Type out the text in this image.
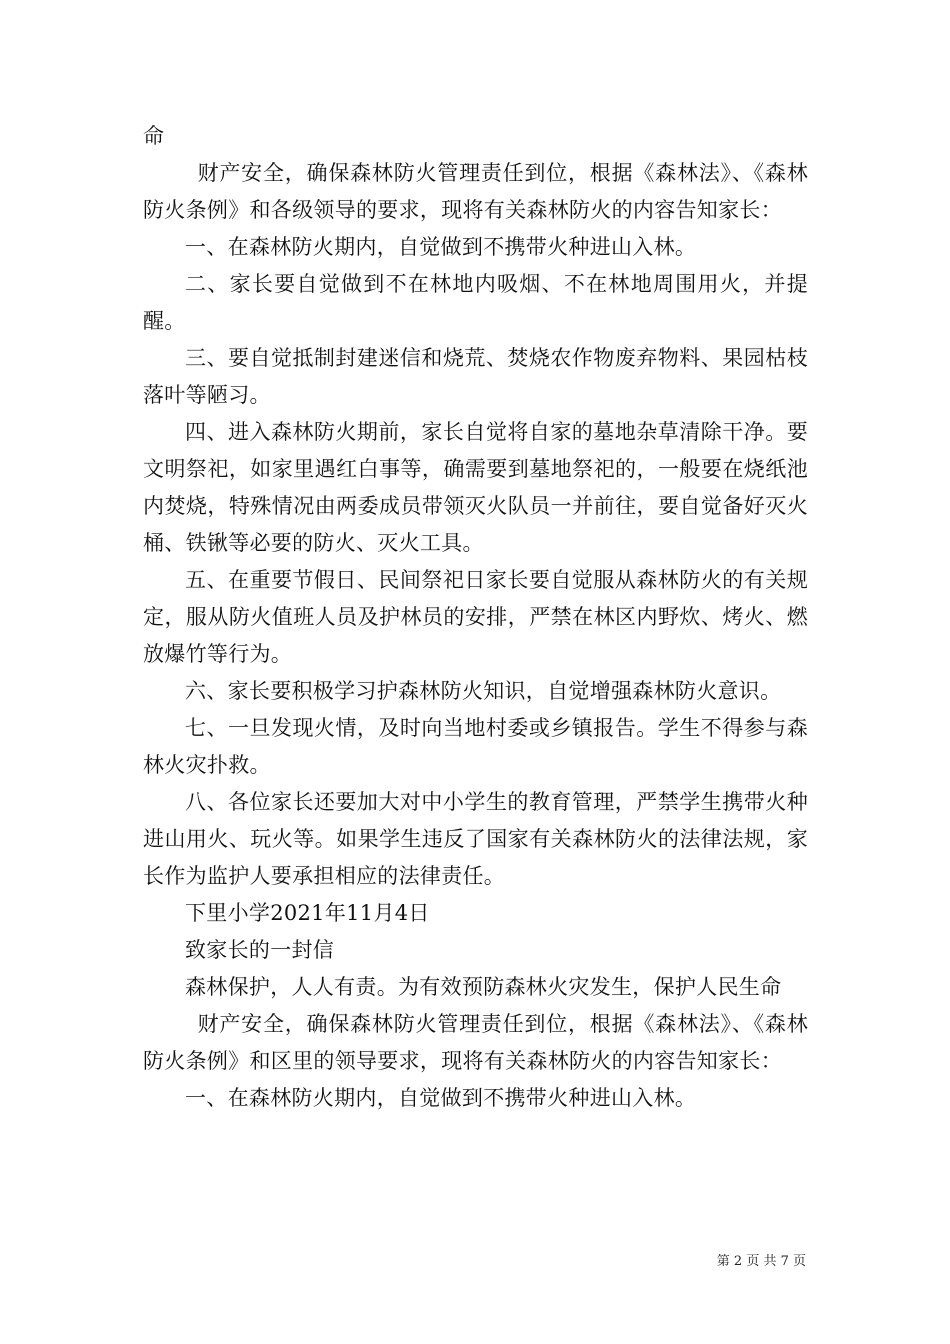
命

财产安全，确保森林防火管理责任到位，根据《森林法》、《森林防火条例》和各级领导的要求，现将有关森林防火的内容告知家长：

一、在森林防火期内，自觉做到不携带火种进山入林。

二、家长要自觉做到不在林地内吸烟、不在林地周围用火，并提醒。

三、要自觉抵制封建迷信和烧荒、焚烧农作物废弃物料、果园枯枝落叶等陋习。

四、进入森林防火期前，家长自觉将自家的墓地杂草清除干净。要文明祭祀，如家里遇红白事等，确需要到墓地祭祀的，一般要在烧纸池内焚烧，特殊情况由两委成员带领灭火队员一并前往，要自觉备好灭火桶、铁锹等必要的防火、灭火工具。

五、在重要节假日、民间祭祀日家长要自觉服从森林防火的有关规定，服从防火值班人员及护林员的安排，严禁在林区内野炊、烤火、燃放爆竹等行为。

六、家长要积极学习护森林防火知识，自觉增强森林防火意识。

七、一旦发现火情，及时向当地村委或乡镇报告。学生不得参与森林火灾扑救。

八、各位家长还要加大对中小学生的教育管理，严禁学生携带火种进山用火、玩火等。如果学生违反了国家有关森林防火的法律法规，家长作为监护人要承担相应的法律责任。

下里小学2021年11月4日

致家长的一封信

森林保护，人人有责。为有效预防森林火灾发生，保护人民生命

财产安全，确保森林防火管理责任到位，根据《森林法》、《森林防火条例》和区里的领导要求，现将有关森林防火的内容告知家长：

一、在森林防火期内，自觉做到不携带火种进山入林。

第 2 页 共 7 页
